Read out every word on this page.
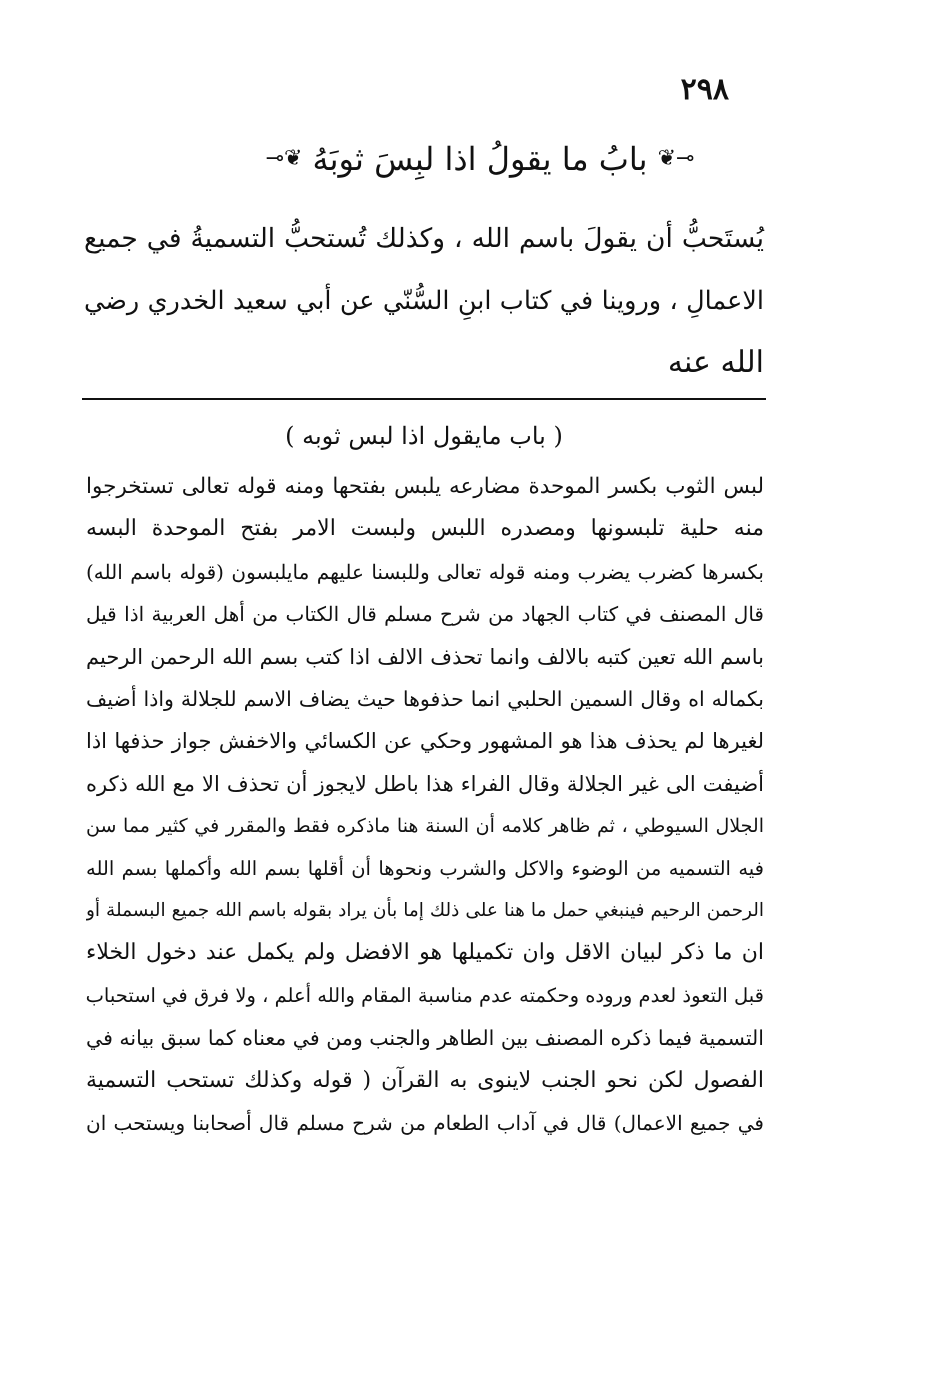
٢٩٨
❦⊸ بابُ ما يقولُ اذا لبِسَ ثوبَهُ ⊸❦
يُستَحبُّ أن يقولَ باسم الله ، وكذلك تُستحبُّ التسميةُ في جميع
الاعمالِ ، وروينا في كتاب ابنِ السُّنّي عن أبي سعيد الخدري رضي
الله عنه
( باب مايقول اذا لبس ثوبه )
لبس الثوب بكسر الموحدة مضارعه يلبس بفتحها ومنه قوله تعالى تستخرجوا
منه حلية تلبسونها ومصدره اللبس ولبست الامر بفتح الموحدة البسه
بكسرها كضرب يضرب ومنه قوله تعالى وللبسنا عليهم مايلبسون (قوله باسم الله)
قال المصنف في كتاب الجهاد من شرح مسلم قال الكتاب من أهل العربية اذا قيل
باسم الله تعين كتبه بالالف وانما تحذف الالف اذا كتب بسم الله الرحمن الرحيم
بكماله اه وقال السمين الحلبي انما حذفوها حيث يضاف الاسم للجلالة واذا أضيف
لغيرها لم يحذف هذا هو المشهور وحكي عن الكسائي والاخفش جواز حذفها اذا
أضيفت الى غير الجلالة وقال الفراء هذا باطل لايجوز أن تحذف الا مع الله ذكره
الجلال السيوطي ، ثم ظاهر كلامه أن السنة هنا ماذكره فقط والمقرر في كثير مما سن
فيه التسميه من الوضوء والاكل والشرب ونحوها أن أقلها بسم الله وأكملها بسم الله
الرحمن الرحيم فينبغي حمل ما هنا على ذلك إما بأن يراد بقوله باسم الله جميع البسملة أو
ان ما ذكر لبيان الاقل وان تكميلها هو الافضل ولم يكمل عند دخول الخلاء
قبل التعوذ لعدم وروده وحكمته عدم مناسبة المقام والله أعلم ، ولا فرق في استحباب
التسمية فيما ذكره المصنف بين الطاهر والجنب ومن في معناه كما سبق بيانه في
الفصول لكن نحو الجنب لاينوى به القرآن ( قوله وكذلك تستحب التسمية
في جميع الاعمال) قال في آداب الطعام من شرح مسلم قال أصحابنا ويستحب ان
